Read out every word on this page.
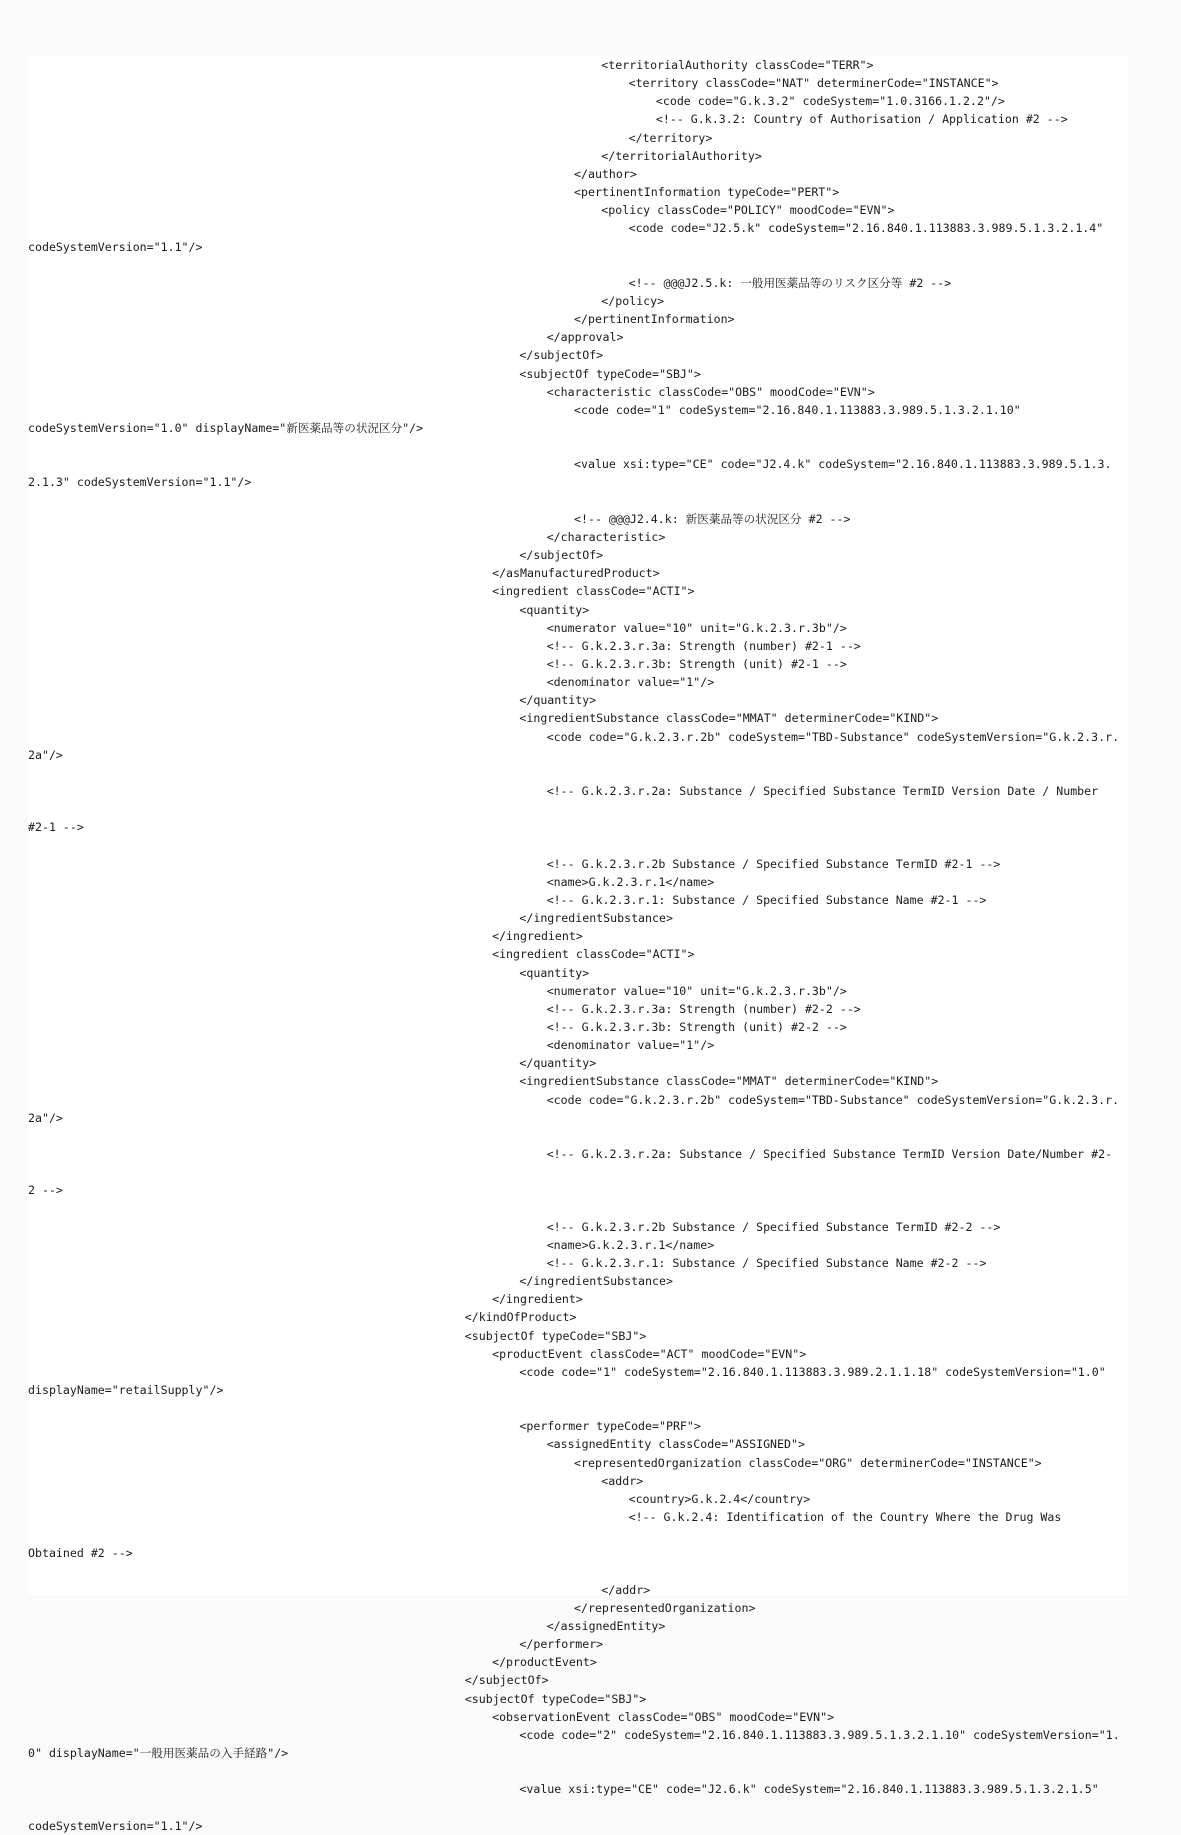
<territorialAuthority classCode="TERR">
<territory classCode="NAT" determinerCode="INSTANCE">
<code code="G.k.3.2" codeSystem="1.0.3166.1.2.2"/>
<!-- G.k.3.2: Country of Authorisation / Application #2 -->
</territory>
</territorialAuthority>
</author>
<pertinentInformation typeCode="PERT">
<policy classCode="POLICY" moodCode="EVN">
<code code="J2.5.k" codeSystem="2.16.840.1.113883.3.989.5.1.3.2.1.4"
codeSystemVersion="1.1"/>
<!-- @@@J2.5.k: 一般用医薬品等のリスク区分等 #2 -->
</policy>
</pertinentInformation>
</approval>
</subjectOf>
<subjectOf typeCode="SBJ">
<characteristic classCode="OBS" moodCode="EVN">
<code code="1" codeSystem="2.16.840.1.113883.3.989.5.1.3.2.1.10"
codeSystemVersion="1.0" displayName="新医薬品等の状況区分"/>
<value xsi:type="CE" code="J2.4.k" codeSystem="2.16.840.1.113883.3.989.5.1.3.
2.1.3" codeSystemVersion="1.1"/>
<!-- @@@J2.4.k: 新医薬品等の状況区分 #2 -->
</characteristic>
</subjectOf>
</asManufacturedProduct>
<ingredient classCode="ACTI">
<quantity>
<numerator value="10" unit="G.k.2.3.r.3b"/>
<!-- G.k.2.3.r.3a: Strength (number) #2-1 -->
<!-- G.k.2.3.r.3b: Strength (unit) #2-1 -->
<denominator value="1"/>
</quantity>
<ingredientSubstance classCode="MMAT" determinerCode="KIND">
<code code="G.k.2.3.r.2b" codeSystem="TBD-Substance" codeSystemVersion="G.k.2.3.r.
2a"/>
<!-- G.k.2.3.r.2a: Substance / Specified Substance TermID Version Date / Number
#2-1 -->
<!-- G.k.2.3.r.2b Substance / Specified Substance TermID #2-1 -->
<name>G.k.2.3.r.1</name>
<!-- G.k.2.3.r.1: Substance / Specified Substance Name #2-1 -->
</ingredientSubstance>
</ingredient>
<ingredient classCode="ACTI">
<quantity>
<numerator value="10" unit="G.k.2.3.r.3b"/>
<!-- G.k.2.3.r.3a: Strength (number) #2-2 -->
<!-- G.k.2.3.r.3b: Strength (unit) #2-2 -->
<denominator value="1"/>
</quantity>
<ingredientSubstance classCode="MMAT" determinerCode="KIND">
<code code="G.k.2.3.r.2b" codeSystem="TBD-Substance" codeSystemVersion="G.k.2.3.r.
2a"/>
<!-- G.k.2.3.r.2a: Substance / Specified Substance TermID Version Date/Number #2-
2 -->
<!-- G.k.2.3.r.2b Substance / Specified Substance TermID #2-2 -->
<name>G.k.2.3.r.1</name>
<!-- G.k.2.3.r.1: Substance / Specified Substance Name #2-2 -->
</ingredientSubstance>
</ingredient>
</kindOfProduct>
<subjectOf typeCode="SBJ">
<productEvent classCode="ACT" moodCode="EVN">
<code code="1" codeSystem="2.16.840.1.113883.3.989.2.1.1.18" codeSystemVersion="1.0"
displayName="retailSupply"/>
<performer typeCode="PRF">
<assignedEntity classCode="ASSIGNED">
<representedOrganization classCode="ORG" determinerCode="INSTANCE">
<addr>
<country>G.k.2.4</country>
<!-- G.k.2.4: Identification of the Country Where the Drug Was
Obtained #2 -->
</addr>
</representedOrganization>
</assignedEntity>
</performer>
</productEvent>
</subjectOf>
<subjectOf typeCode="SBJ">
<observationEvent classCode="OBS" moodCode="EVN">
<code code="2" codeSystem="2.16.840.1.113883.3.989.5.1.3.2.1.10" codeSystemVersion="1.
0" displayName="一般用医薬品の入手経路"/>
<value xsi:type="CE" code="J2.6.k" codeSystem="2.16.840.1.113883.3.989.5.1.3.2.1.5"
codeSystemVersion="1.1"/>
